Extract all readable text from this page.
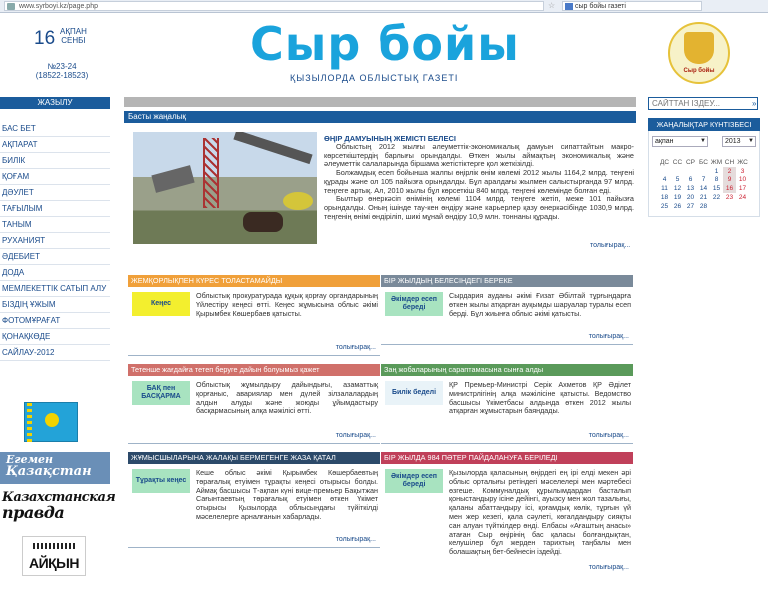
www.syrboyi.kz/page.php	☆	сыр бойы газеті
16 АҚПАН
СЕНБІ
№23-24
(18522-18523)
Сыр бойы
ҚЫЗЫЛОРДА ОБЛЫСТЫҚ ГАЗЕТІ
Сыр бойы
ЖАЗЫЛУ
БАС БЕТ
АҚПАРАТ
БИЛІК
ҚОҒАМ
ДӘУЛЕТ
ТАҒЫЛЫМ
ТАНЫМ
РУХАНИЯТ
ӘДЕБИЕТ
ДОДА
МЕМЛЕКЕТТІК САТЫП АЛУ
БІЗДІҢ ҰЖЫМ
ФОТОМҰРАҒАТ
ҚОНАҚКӨДЕ
САЙЛАУ-2012
Егемен
Қазақстан
Казахстанская
правда
АЙҚЫН
Басты жаңалық
ӨҢІР ДАМУЫНЫҢ ЖЕМІСТІ БЕЛЕСІ

Облыстың 2012 жылғы әлеуметтік-экономикалық дамуын сипаттайтын макро-көрсеткіштердің барлығы орындалды. Өткен жылы аймақтың экономикалық және әлеуметтік салаларында біршама жетістіктерге қол жеткізілді.

Болжамдық есеп бойынша жалпы өңірлік өнім көлемі 2012 жылы 1164,2 млрд. теңгені құрады және ол 105 пайызға орындалды. Бұл аралдағы жылмен салыстырғанда 97 млрд. теңгеге артық. Ал, 2010 жылы бұл көрсеткіш 840 млрд. теңгені көлемінде болған еді.

Былтыр өнеркәсіп өнімінің көлемі 1104 млрд. теңгеге жетіп, меже 101 пайызға орындалды. Оның ішінде тау-кен өндіру және карьерлер қазу өнеркәсібінде 1030,9 млрд. теңгенің өнімі өндіріліп, шикі мұнай өндіру 10,9 млн. тоннаны құрады.

толығырақ...
ЖЕМҚОРЛЫҚПЕН КҮРЕС ТОЛАСТАМАЙДЫ
Кеңес
Облыстық прокуратурада құқық қорғау органдарының Үйлестіру кеңесі өтті. Кеңес жұмысына облыс әкімі Қырымбек Көшербаев қатысты.
толығырақ...
БІР ЖЫЛДЫҢ БЕЛЕСІНДЕГІ БЕРЕКЕ
Әкімдер есеп береді
Сырдария ауданы әкімі Ғизат Әбілтай тұрғындарға өткен жылы атқарған ауқымды шаруалар туралы есеп берді. Бұл жиынға облыс әкімі қатысты.
толығырақ...
Тетенше жағдайға тетеп беруге дайын болуымыз қажет
БАҚ пен БАСҚАРМА
Облыстық жұмылдыру дайындығы, азаматтық қорғаныс, авариялар мен дүлей зілзалалардың алдын алуды және жоюды ұйымдастыру басқармасының алқа мәжілісі өтті.
толығырақ...
Заң жобаларының сараптамасына сынға алды
Билік беделі
ҚР Премьер-Министрі Серік Ахметов ҚР Әділет министрлігінің алқа мәжілісіне қатысты. Ведомство басшысы Үкіметбасы алдында өткен 2012 жылы атқарған жұмыстарын баяндады.
толығырақ...
ЖҰМЫСШЫЛАРЫНА ЖАЛАҚЫ БЕРМЕГЕНГЕ ЖАЗА ҚАТАЛ
Тұрақты кеңес
Кеше облыс әкімі Қырымбек Көшербаевтың төрағалық етуімен тұрақты кеңесі отырысы болды. Аймақ басшысы Т-ақпан күні вице-премьер Бақытжан Сағынтаевтың төрағалық етуімен өткен Үкімет отырысы Қызылорда облысындағы түйіткілді мәселелерге арналғанын хабарлады.
толығырақ...
БІР ЖЫЛДА 984 ПӘТЕР ПАЙДАЛАНУҒА БЕРІЛЕДІ
Әкімдер есеп береді
Қызылорда қаласының өңірдегі ең ірі елді мекен әрі облыс орталығы ретіндегі мәселелері мен мәртебесі өзгеше. Коммуналдық құрылымдардан басталып қоныстандыру ісіне дейінгі, ауызсу мен жол тазалығы, қаланы абаттандыру ісі, қоғамдық көлік, тұрғын үй мен жер кезегі, қала сәулеті, көгалдандыру сияқты сан алуан түйткілдер өнді. Елбасы «Ағаштың анасы» атаған Сыр өңірінің бас қаласы болғандықтан, келушілер бұл жерден тарихтың таңбалы мен болашақтың бет-бейнесін іздейді.
толығырақ...
САЙТТАН ІЗДЕУ...
»
ЖАҢАЛЫҚТАР КҮНТІЗБЕСІ
ақпан	▼	2013 ▼
ДС	СС	СР	БС	ЖМ	СН	ЖС
				1	2	3
4	5	6	7	8	9	10
11	12	13	14	15	16	17
18	19	20	21	22	23	24
25	26	27	28			
